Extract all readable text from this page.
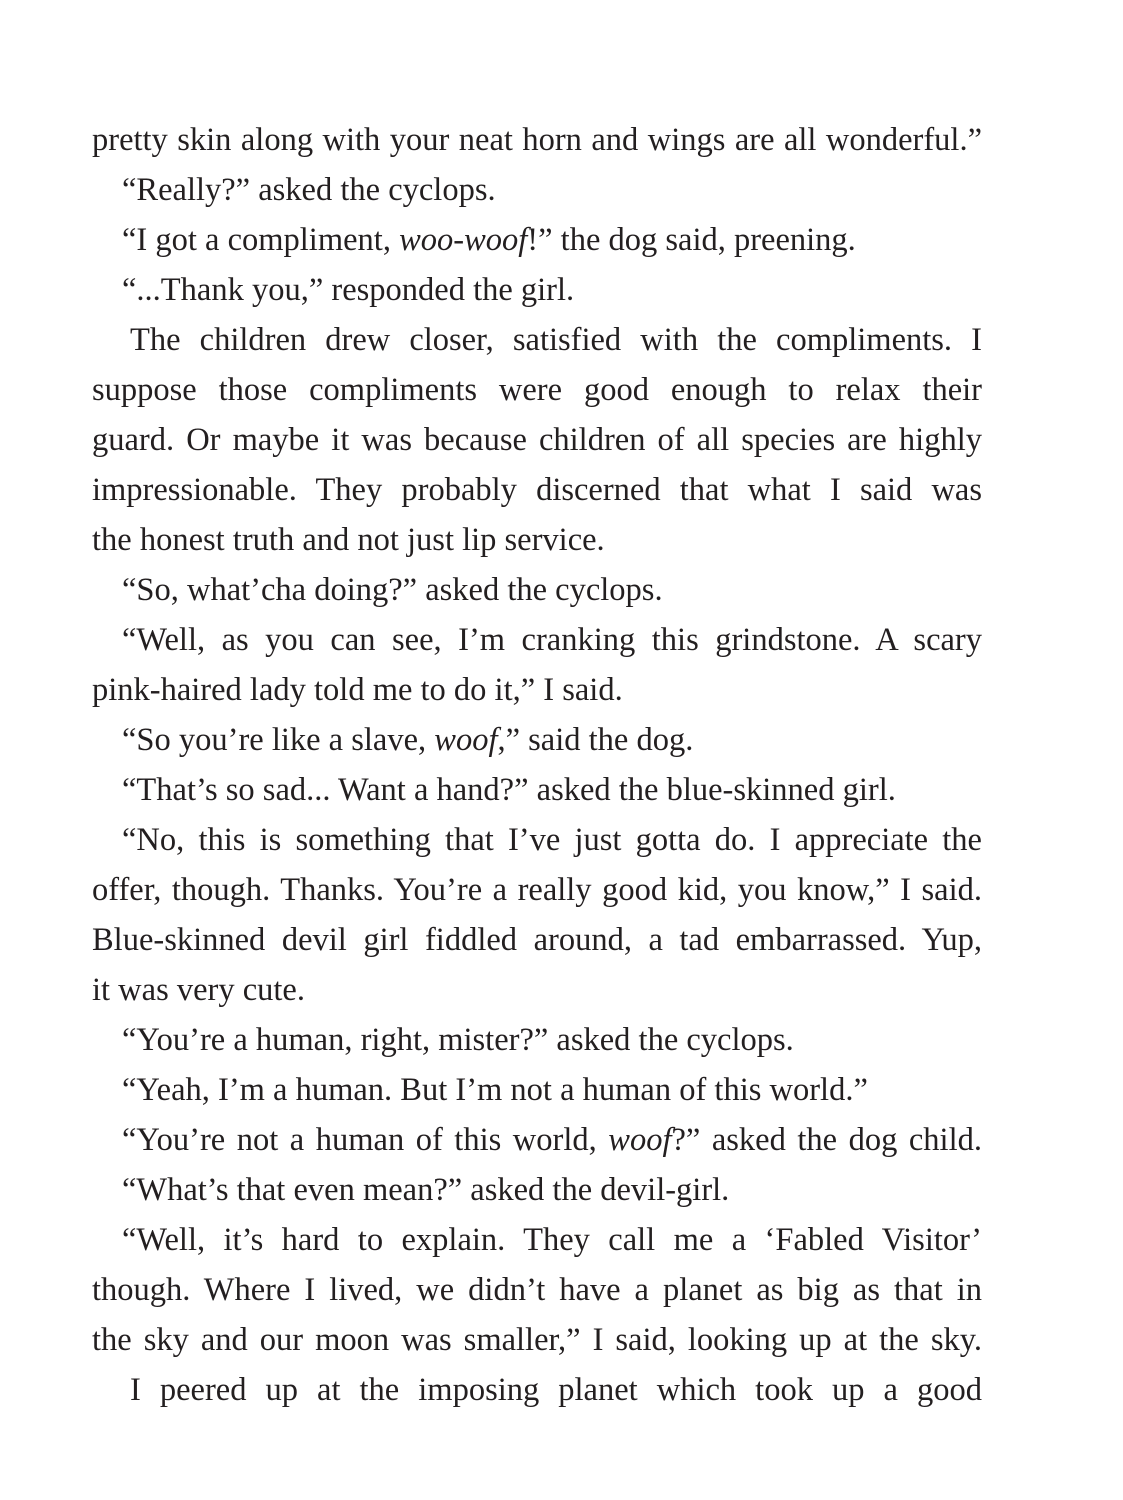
pretty skin along with your neat horn and wings are all wonderful.”
“Really?” asked the cyclops.
“I got a compliment, woo-woof!” the dog said, preening.
“...Thank you,” responded the girl.
The children drew closer, satisfied with the compliments. I
suppose those compliments were good enough to relax their
guard. Or maybe it was because children of all species are highly
impressionable. They probably discerned that what I said was
the honest truth and not just lip service.
“So, what’cha doing?” asked the cyclops.
“Well, as you can see, I’m cranking this grindstone. A scary
pink-haired lady told me to do it,” I said.
“So you’re like a slave, woof,” said the dog.
“That’s so sad... Want a hand?” asked the blue-skinned girl.
“No, this is something that I’ve just gotta do. I appreciate the
offer, though. Thanks. You’re a really good kid, you know,” I said.
Blue-skinned devil girl fiddled around, a tad embarrassed. Yup,
it was very cute.
“You’re a human, right, mister?” asked the cyclops.
“Yeah, I’m a human. But I’m not a human of this world.”
“You’re not a human of this world, woof?” asked the dog child.
“What’s that even mean?” asked the devil-girl.
“Well, it’s hard to explain. They call me a ‘Fabled Visitor’
though. Where I lived, we didn’t have a planet as big as that in
the sky and our moon was smaller,” I said, looking up at the sky.
I peered up at the imposing planet which took up a good
